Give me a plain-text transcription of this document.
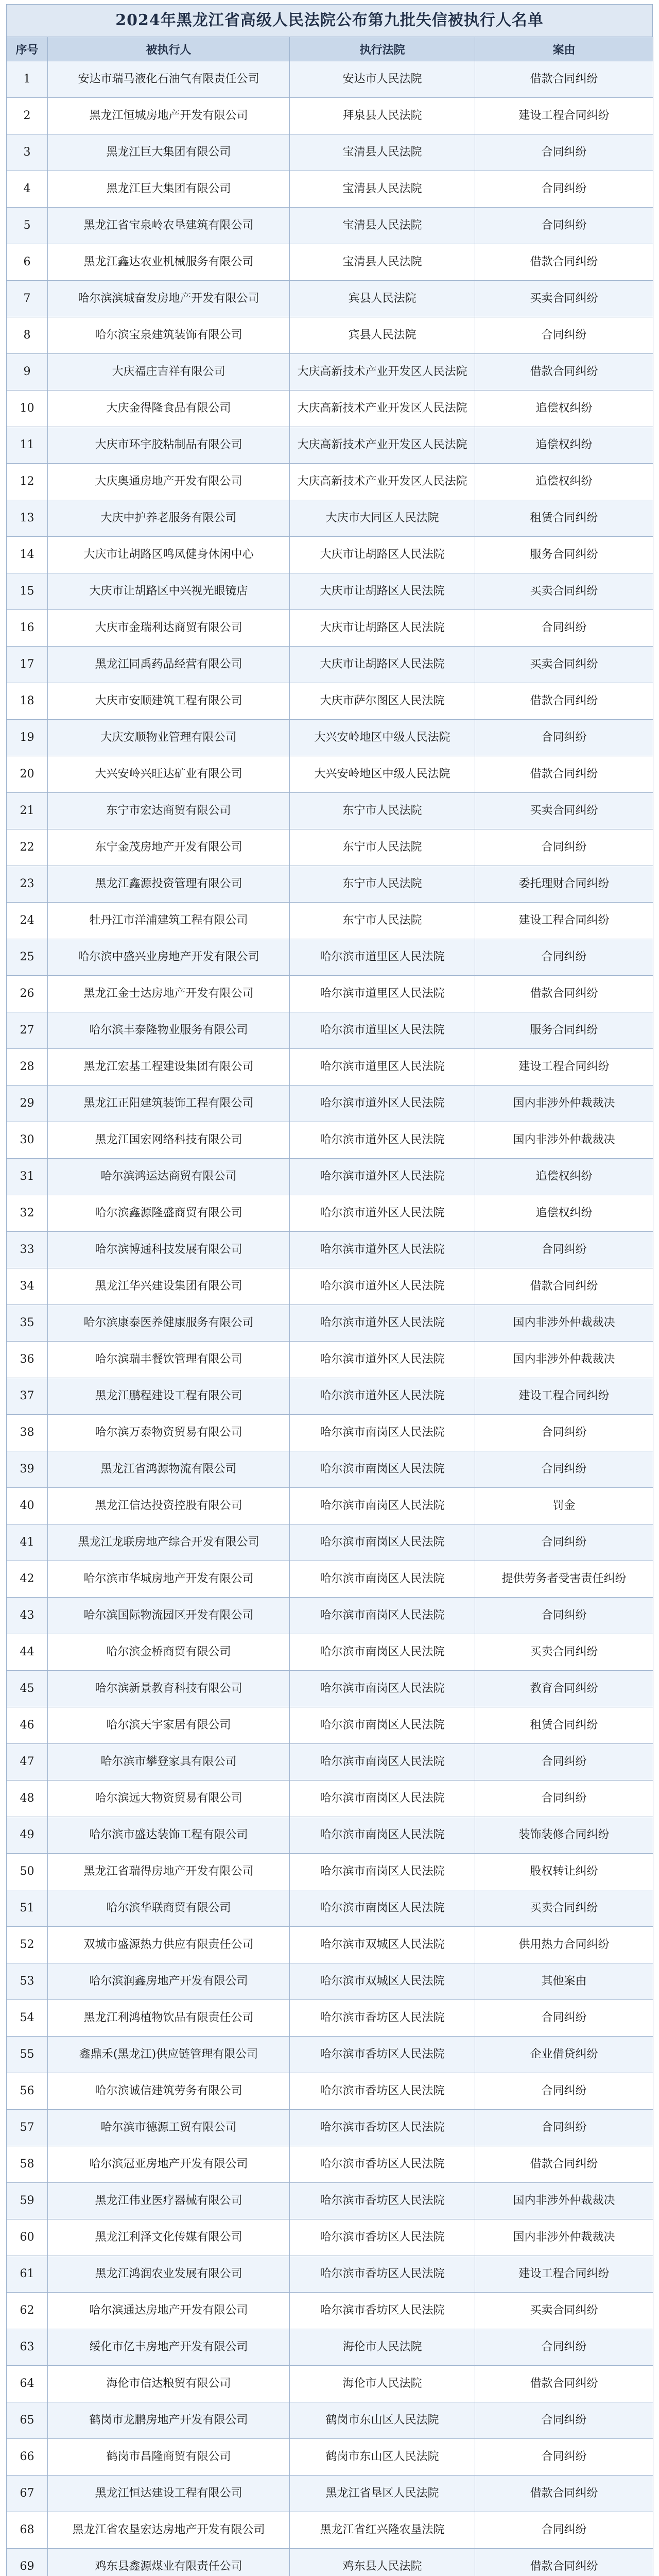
2024年黑龙江省高级人民法院公布第九批失信被执行人名单
序号	被执行人	执行法院	案由
1	安达市瑞马液化石油气有限责任公司	安达市人民法院	借款合同纠纷
2	黑龙江恒城房地产开发有限公司	拜泉县人民法院	建设工程合同纠纷
3	黑龙江巨大集团有限公司	宝清县人民法院	合同纠纷
4	黑龙江巨大集团有限公司	宝清县人民法院	合同纠纷
5	黑龙江省宝泉岭农垦建筑有限公司	宝清县人民法院	合同纠纷
6	黑龙江鑫达农业机械服务有限公司	宝清县人民法院	借款合同纠纷
7	哈尔滨滨城奋发房地产开发有限公司	宾县人民法院	买卖合同纠纷
8	哈尔滨宝泉建筑装饰有限公司	宾县人民法院	合同纠纷
9	大庆福庄吉祥有限公司	大庆高新技术产业开发区人民法院	借款合同纠纷
10	大庆金得隆食品有限公司	大庆高新技术产业开发区人民法院	追偿权纠纷
11	大庆市环宇胶粘制品有限公司	大庆高新技术产业开发区人民法院	追偿权纠纷
12	大庆奥通房地产开发有限公司	大庆高新技术产业开发区人民法院	追偿权纠纷
13	大庆中护养老服务有限公司	大庆市大同区人民法院	租赁合同纠纷
14	大庆市让胡路区鸣凤健身休闲中心	大庆市让胡路区人民法院	服务合同纠纷
15	大庆市让胡路区中兴视光眼镜店	大庆市让胡路区人民法院	买卖合同纠纷
16	大庆市金瑞利达商贸有限公司	大庆市让胡路区人民法院	合同纠纷
17	黑龙江同禹药品经营有限公司	大庆市让胡路区人民法院	买卖合同纠纷
18	大庆市安顺建筑工程有限公司	大庆市萨尔图区人民法院	借款合同纠纷
19	大庆安顺物业管理有限公司	大兴安岭地区中级人民法院	合同纠纷
20	大兴安岭兴旺达矿业有限公司	大兴安岭地区中级人民法院	借款合同纠纷
21	东宁市宏达商贸有限公司	东宁市人民法院	买卖合同纠纷
22	东宁金茂房地产开发有限公司	东宁市人民法院	合同纠纷
23	黑龙江鑫源投资管理有限公司	东宁市人民法院	委托理财合同纠纷
24	牡丹江市洋浦建筑工程有限公司	东宁市人民法院	建设工程合同纠纷
25	哈尔滨中盛兴业房地产开发有限公司	哈尔滨市道里区人民法院	合同纠纷
26	黑龙江金士达房地产开发有限公司	哈尔滨市道里区人民法院	借款合同纠纷
27	哈尔滨丰泰隆物业服务有限公司	哈尔滨市道里区人民法院	服务合同纠纷
28	黑龙江宏基工程建设集团有限公司	哈尔滨市道里区人民法院	建设工程合同纠纷
29	黑龙江正阳建筑装饰工程有限公司	哈尔滨市道外区人民法院	国内非涉外仲裁裁决
30	黑龙江国宏网络科技有限公司	哈尔滨市道外区人民法院	国内非涉外仲裁裁决
31	哈尔滨鸿运达商贸有限公司	哈尔滨市道外区人民法院	追偿权纠纷
32	哈尔滨鑫源隆盛商贸有限公司	哈尔滨市道外区人民法院	追偿权纠纷
33	哈尔滨博通科技发展有限公司	哈尔滨市道外区人民法院	合同纠纷
34	黑龙江华兴建设集团有限公司	哈尔滨市道外区人民法院	借款合同纠纷
35	哈尔滨康泰医养健康服务有限公司	哈尔滨市道外区人民法院	国内非涉外仲裁裁决
36	哈尔滨瑞丰餐饮管理有限公司	哈尔滨市道外区人民法院	国内非涉外仲裁裁决
37	黑龙江鹏程建设工程有限公司	哈尔滨市道外区人民法院	建设工程合同纠纷
38	哈尔滨万泰物资贸易有限公司	哈尔滨市南岗区人民法院	合同纠纷
39	黑龙江省鸿源物流有限公司	哈尔滨市南岗区人民法院	合同纠纷
40	黑龙江信达投资控股有限公司	哈尔滨市南岗区人民法院	罚金
41	黑龙江龙联房地产综合开发有限公司	哈尔滨市南岗区人民法院	合同纠纷
42	哈尔滨市华城房地产开发有限公司	哈尔滨市南岗区人民法院	提供劳务者受害责任纠纷
43	哈尔滨国际物流园区开发有限公司	哈尔滨市南岗区人民法院	合同纠纷
44	哈尔滨金桥商贸有限公司	哈尔滨市南岗区人民法院	买卖合同纠纷
45	哈尔滨新景教育科技有限公司	哈尔滨市南岗区人民法院	教育合同纠纷
46	哈尔滨天宇家居有限公司	哈尔滨市南岗区人民法院	租赁合同纠纷
47	哈尔滨市攀登家具有限公司	哈尔滨市南岗区人民法院	合同纠纷
48	哈尔滨远大物资贸易有限公司	哈尔滨市南岗区人民法院	合同纠纷
49	哈尔滨市盛达装饰工程有限公司	哈尔滨市南岗区人民法院	装饰装修合同纠纷
50	黑龙江省瑞得房地产开发有限公司	哈尔滨市南岗区人民法院	股权转让纠纷
51	哈尔滨华联商贸有限公司	哈尔滨市南岗区人民法院	买卖合同纠纷
52	双城市盛源热力供应有限责任公司	哈尔滨市双城区人民法院	供用热力合同纠纷
53	哈尔滨润鑫房地产开发有限公司	哈尔滨市双城区人民法院	其他案由
54	黑龙江利鸿植物饮品有限责任公司	哈尔滨市香坊区人民法院	合同纠纷
55	鑫鼎禾(黑龙江)供应链管理有限公司	哈尔滨市香坊区人民法院	企业借贷纠纷
56	哈尔滨诚信建筑劳务有限公司	哈尔滨市香坊区人民法院	合同纠纷
57	哈尔滨市德源工贸有限公司	哈尔滨市香坊区人民法院	合同纠纷
58	哈尔滨冠亚房地产开发有限公司	哈尔滨市香坊区人民法院	借款合同纠纷
59	黑龙江伟业医疗器械有限公司	哈尔滨市香坊区人民法院	国内非涉外仲裁裁决
60	黑龙江利泽文化传媒有限公司	哈尔滨市香坊区人民法院	国内非涉外仲裁裁决
61	黑龙江鸿润农业发展有限公司	哈尔滨市香坊区人民法院	建设工程合同纠纷
62	哈尔滨通达房地产开发有限公司	哈尔滨市香坊区人民法院	买卖合同纠纷
63	绥化市亿丰房地产开发有限公司	海伦市人民法院	合同纠纷
64	海伦市信达粮贸有限公司	海伦市人民法院	借款合同纠纷
65	鹤岗市龙鹏房地产开发有限公司	鹤岗市东山区人民法院	合同纠纷
66	鹤岗市昌隆商贸有限公司	鹤岗市东山区人民法院	合同纠纷
67	黑龙江恒达建设工程有限公司	黑龙江省垦区人民法院	借款合同纠纷
68	黑龙江省农垦宏达房地产开发有限公司	黑龙江省红兴隆农垦法院	合同纠纷
69	鸡东县鑫源煤业有限责任公司	鸡东县人民法院	借款合同纠纷
